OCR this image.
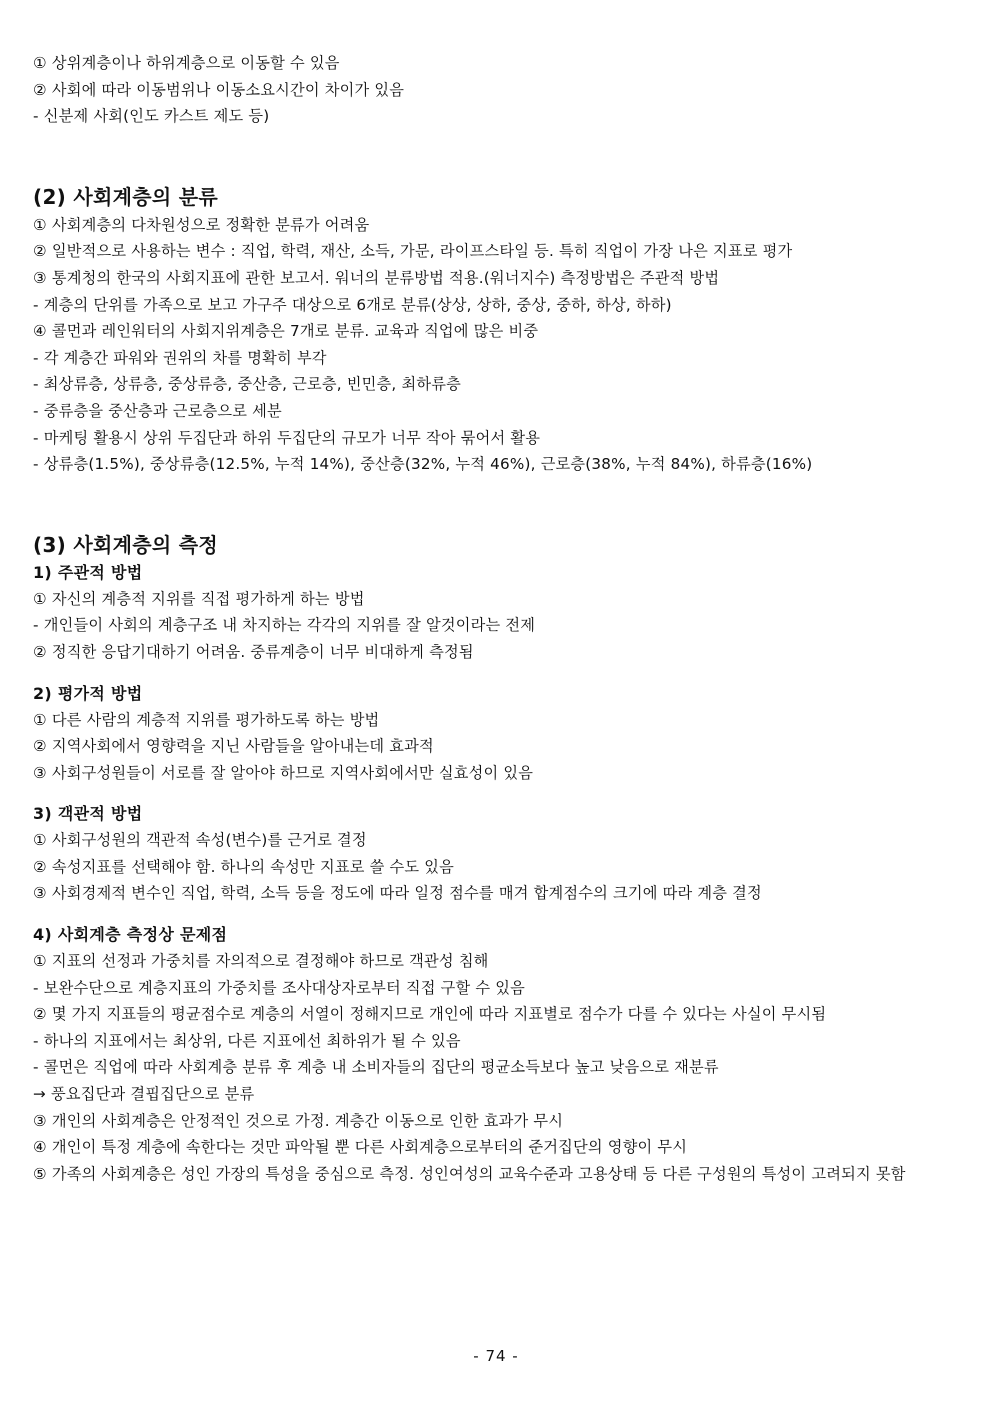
① 상위계층이나 하위계층으로 이동할 수 있음

② 사회에 따라 이동범위나 이동소요시간이 차이가 있음

- 신분제 사회(인도 카스트 제도 등)

(2) 사회계층의 분류

① 사회계층의 다차원성으로 정확한 분류가 어려움

② 일반적으로 사용하는 변수 : 직업, 학력, 재산, 소득, 가문, 라이프스타일 등. 특히 직업이 가장 나은 지표로 평가

③ 통계청의 한국의 사회지표에 관한 보고서. 워너의 분류방법 적용.(워너지수) 측정방법은 주관적 방법

- 계층의 단위를 가족으로 보고 가구주 대상으로 6개로 분류(상상, 상하, 중상, 중하, 하상, 하하)

④ 콜먼과 레인워터의 사회지위계층은 7개로 분류. 교육과 직업에 많은 비중

- 각 계층간 파워와 권위의 차를 명확히 부각

- 최상류층, 상류층, 중상류층, 중산층, 근로층, 빈민층, 최하류층

- 중류층을 중산층과 근로층으로 세분

- 마케팅 활용시 상위 두집단과 하위 두집단의 규모가 너무 작아 묶어서 활용

- 상류층(1.5%), 중상류층(12.5%, 누적 14%), 중산층(32%, 누적 46%), 근로층(38%, 누적 84%), 하류층(16%)

(3) 사회계층의 측정
1) 주관적 방법

① 자신의 계층적 지위를 직접 평가하게 하는 방법

- 개인들이 사회의 계층구조 내 차지하는 각각의 지위를 잘 알것이라는 전제

② 정직한 응답기대하기 어려움. 중류계층이 너무 비대하게 측정됨

2) 평가적 방법

① 다른 사람의 계층적 지위를 평가하도록 하는 방법

② 지역사회에서 영향력을 지닌 사람들을 알아내는데 효과적

③ 사회구성원들이 서로를 잘 알아야 하므로 지역사회에서만 실효성이 있음

3) 객관적 방법

① 사회구성원의 객관적 속성(변수)를 근거로 결정

② 속성지표를 선택해야 함. 하나의 속성만 지표로 쓸 수도 있음

③ 사회경제적 변수인 직업, 학력, 소득 등을 정도에 따라 일정 점수를 매겨 합계점수의 크기에 따라 계층 결정

4) 사회계층 측정상 문제점

① 지표의 선정과 가중치를 자의적으로 결정해야 하므로 객관성 침해

- 보완수단으로 계층지표의 가중치를 조사대상자로부터 직접 구할 수 있음

② 몇 가지 지표들의 평균점수로 계층의 서열이 정해지므로 개인에 따라 지표별로 점수가 다를 수 있다는 사실이 무시됨

- 하나의 지표에서는 최상위, 다른 지표에선 최하위가 될 수 있음

- 콜먼은 직업에 따라 사회계층 분류 후 계층 내 소비자들의 집단의 평균소득보다 높고 낮음으로 재분류

→ 풍요집단과 결핍집단으로 분류

③ 개인의 사회계층은 안정적인 것으로 가정. 계층간 이동으로 인한 효과가 무시

④ 개인이 특정 계층에 속한다는 것만 파악될 뿐 다른 사회계층으로부터의 준거집단의 영향이 무시

⑤ 가족의 사회계층은 성인 가장의 특성을 중심으로 측정. 성인여성의 교육수준과 고용상태 등 다른 구성원의 특성이 고려되지 못함

- 74 -
